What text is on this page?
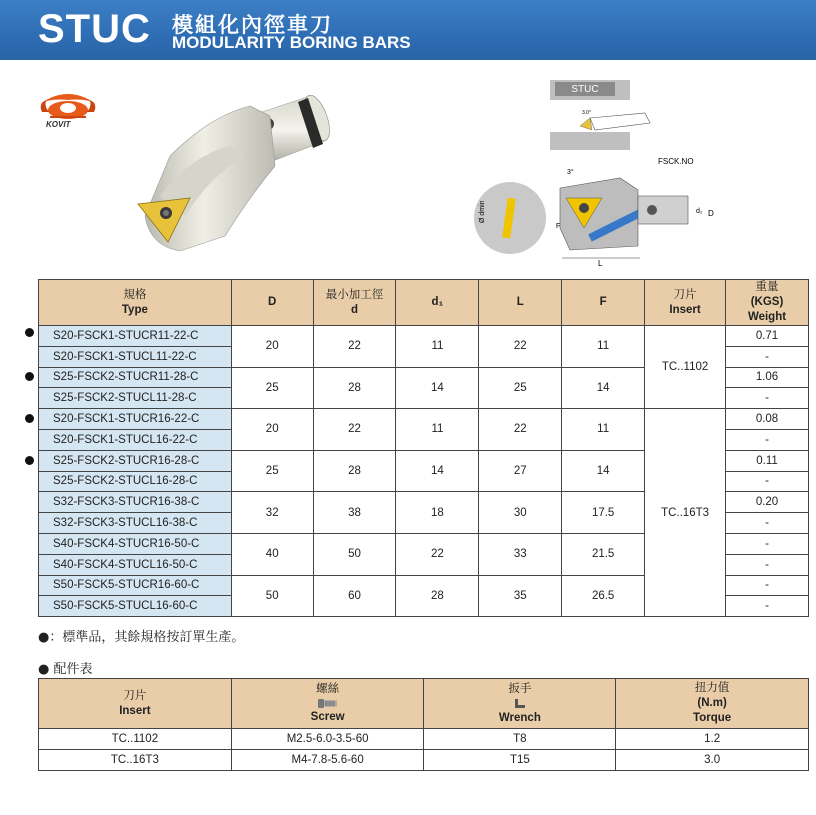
STUC 模組化內徑車刀
MODULARITY BORING BARS
KOVIT
STUC
3.0°
FSCK.NO
3°
Ø dmin
F
d₁ D
L
規格
Type	D	最小加工徑
d	d₁	L	F	刀片
Insert	重量
(KGS)
Weight
S20-FSCK1-STUCR11-22-C	20	22	11	22	11	TC..1102	0.71
S20-FSCK1-STUCL11-22-C							-
S25-FSCK2-STUCR11-28-C	25	28	14	25	14		1.06
S25-FSCK2-STUCL11-28-C							-
S20-FSCK1-STUCR16-22-C	20	22	11	22	11	TC..16T3	0.08
S20-FSCK1-STUCL16-22-C							-
S25-FSCK2-STUCR16-28-C	25	28	14	27	14		0.11
S25-FSCK2-STUCL16-28-C							-
S32-FSCK3-STUCR16-38-C	32	38	18	30	17.5		0.20
S32-FSCK3-STUCL16-38-C							-
S40-FSCK4-STUCR16-50-C	40	50	22	33	21.5		-
S40-FSCK4-STUCL16-50-C							-
S50-FSCK5-STUCR16-60-C	50	60	28	35	26.5		-
S50-FSCK5-STUCL16-60-C							-
●：標準品，其餘規格按訂單生產。
● 配件表
刀片
Insert	螺絲
Screw	扳手
Wrench	扭力值
(N.m)
Torque
TC..1102	M2.5-6.0-3.5-60	T8	1.2
TC..16T3	M4-7.8-5.6-60	T15	3.0
